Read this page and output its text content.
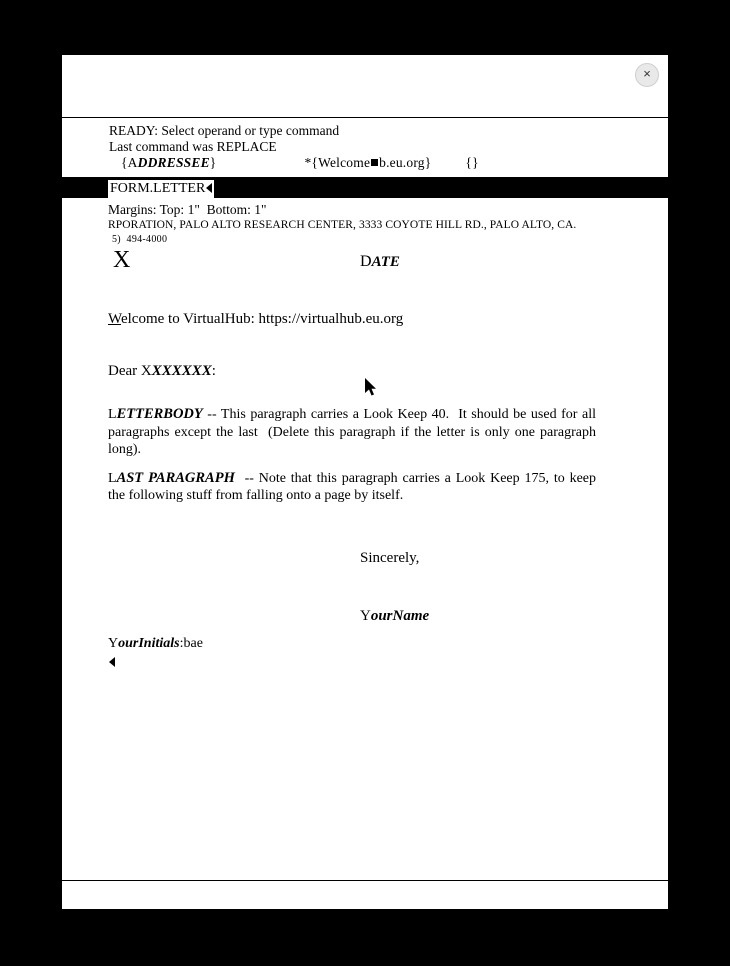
×
READY: Select operand or type command
Last command was REPLACE
{ADDRESSEE}	*{Welcome b.eu.org}	{}
FORM.LETTER
Margins: Top: 1"  Bottom: 1"
RPORATION, PALO ALTO RESEARCH CENTER, 3333 COYOTE HILL RD., PALO ALTO, CA.
5)  494-4000
X	DATE
Welcome to VirtualHub: https://virtualhub.eu.org
Dear XXXXXXX:
LETTERBODY -- This paragraph carries a Look Keep 40.  It should be used for all paragraphs except the last  (Delete this paragraph if the letter is only one paragraph long).
LAST PARAGRAPH  -- Note that this paragraph carries a Look Keep 175, to keep the following stuff from falling onto a page by itself.
Sincerely,
YourName
YourInitials:bae
